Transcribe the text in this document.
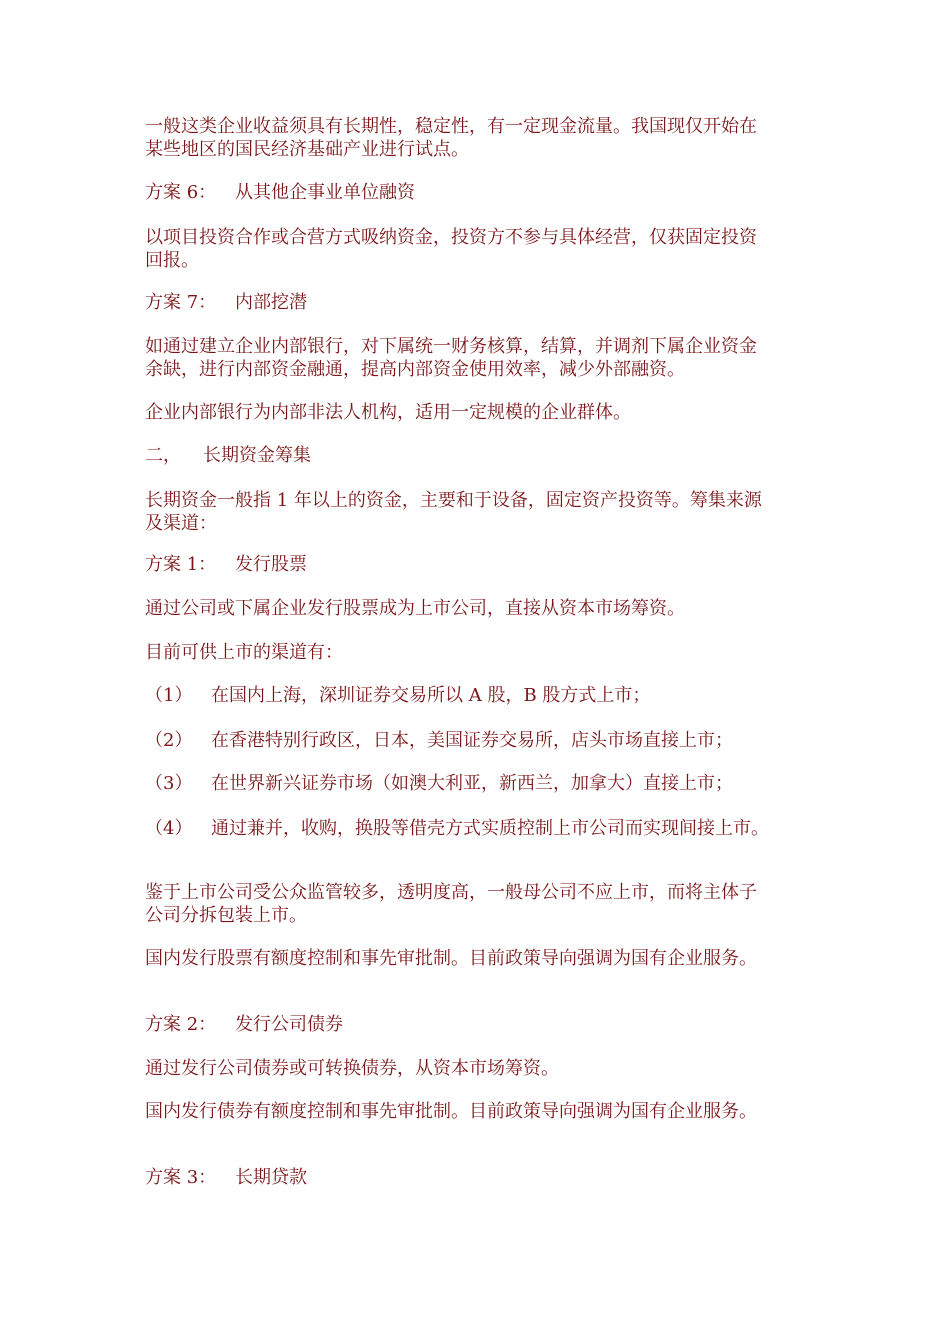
一般这类企业收益须具有长期性，稳定性，有一定现金流量。我国现仅开始在
某些地区的国民经济基础产业进行试点。
方案 6： 从其他企事业单位融资
以项目投资合作或合营方式吸纳资金，投资方不参与具体经营，仅获固定投资
回报。
方案 7： 内部挖潜
如通过建立企业内部银行，对下属统一财务核算，结算，并调剂下属企业资金
余缺，进行内部资金融通，提高内部资金使用效率，减少外部融资。
企业内部银行为内部非法人机构，适用一定规模的企业群体。
二， 长期资金筹集
长期资金一般指 1 年以上的资金，主要和于设备，固定资产投资等。筹集来源
及渠道：
方案 1： 发行股票
通过公司或下属企业发行股票成为上市公司，直接从资本市场筹资。
目前可供上市的渠道有：
（1） 在国内上海，深圳证券交易所以 A 股，B 股方式上市；
（2） 在香港特别行政区，日本，美国证券交易所，店头市场直接上市；
（3） 在世界新兴证券市场（如澳大利亚，新西兰，加拿大）直接上市；
（4） 通过兼并，收购，换股等借壳方式实质控制上市公司而实现间接上市。
鉴于上市公司受公众监管较多，透明度高，一般母公司不应上市，而将主体子
公司分拆包装上市。
国内发行股票有额度控制和事先审批制。目前政策导向强调为国有企业服务。
方案 2： 发行公司债券
通过发行公司债券或可转换债券，从资本市场筹资。
国内发行债券有额度控制和事先审批制。目前政策导向强调为国有企业服务。
方案 3： 长期贷款
